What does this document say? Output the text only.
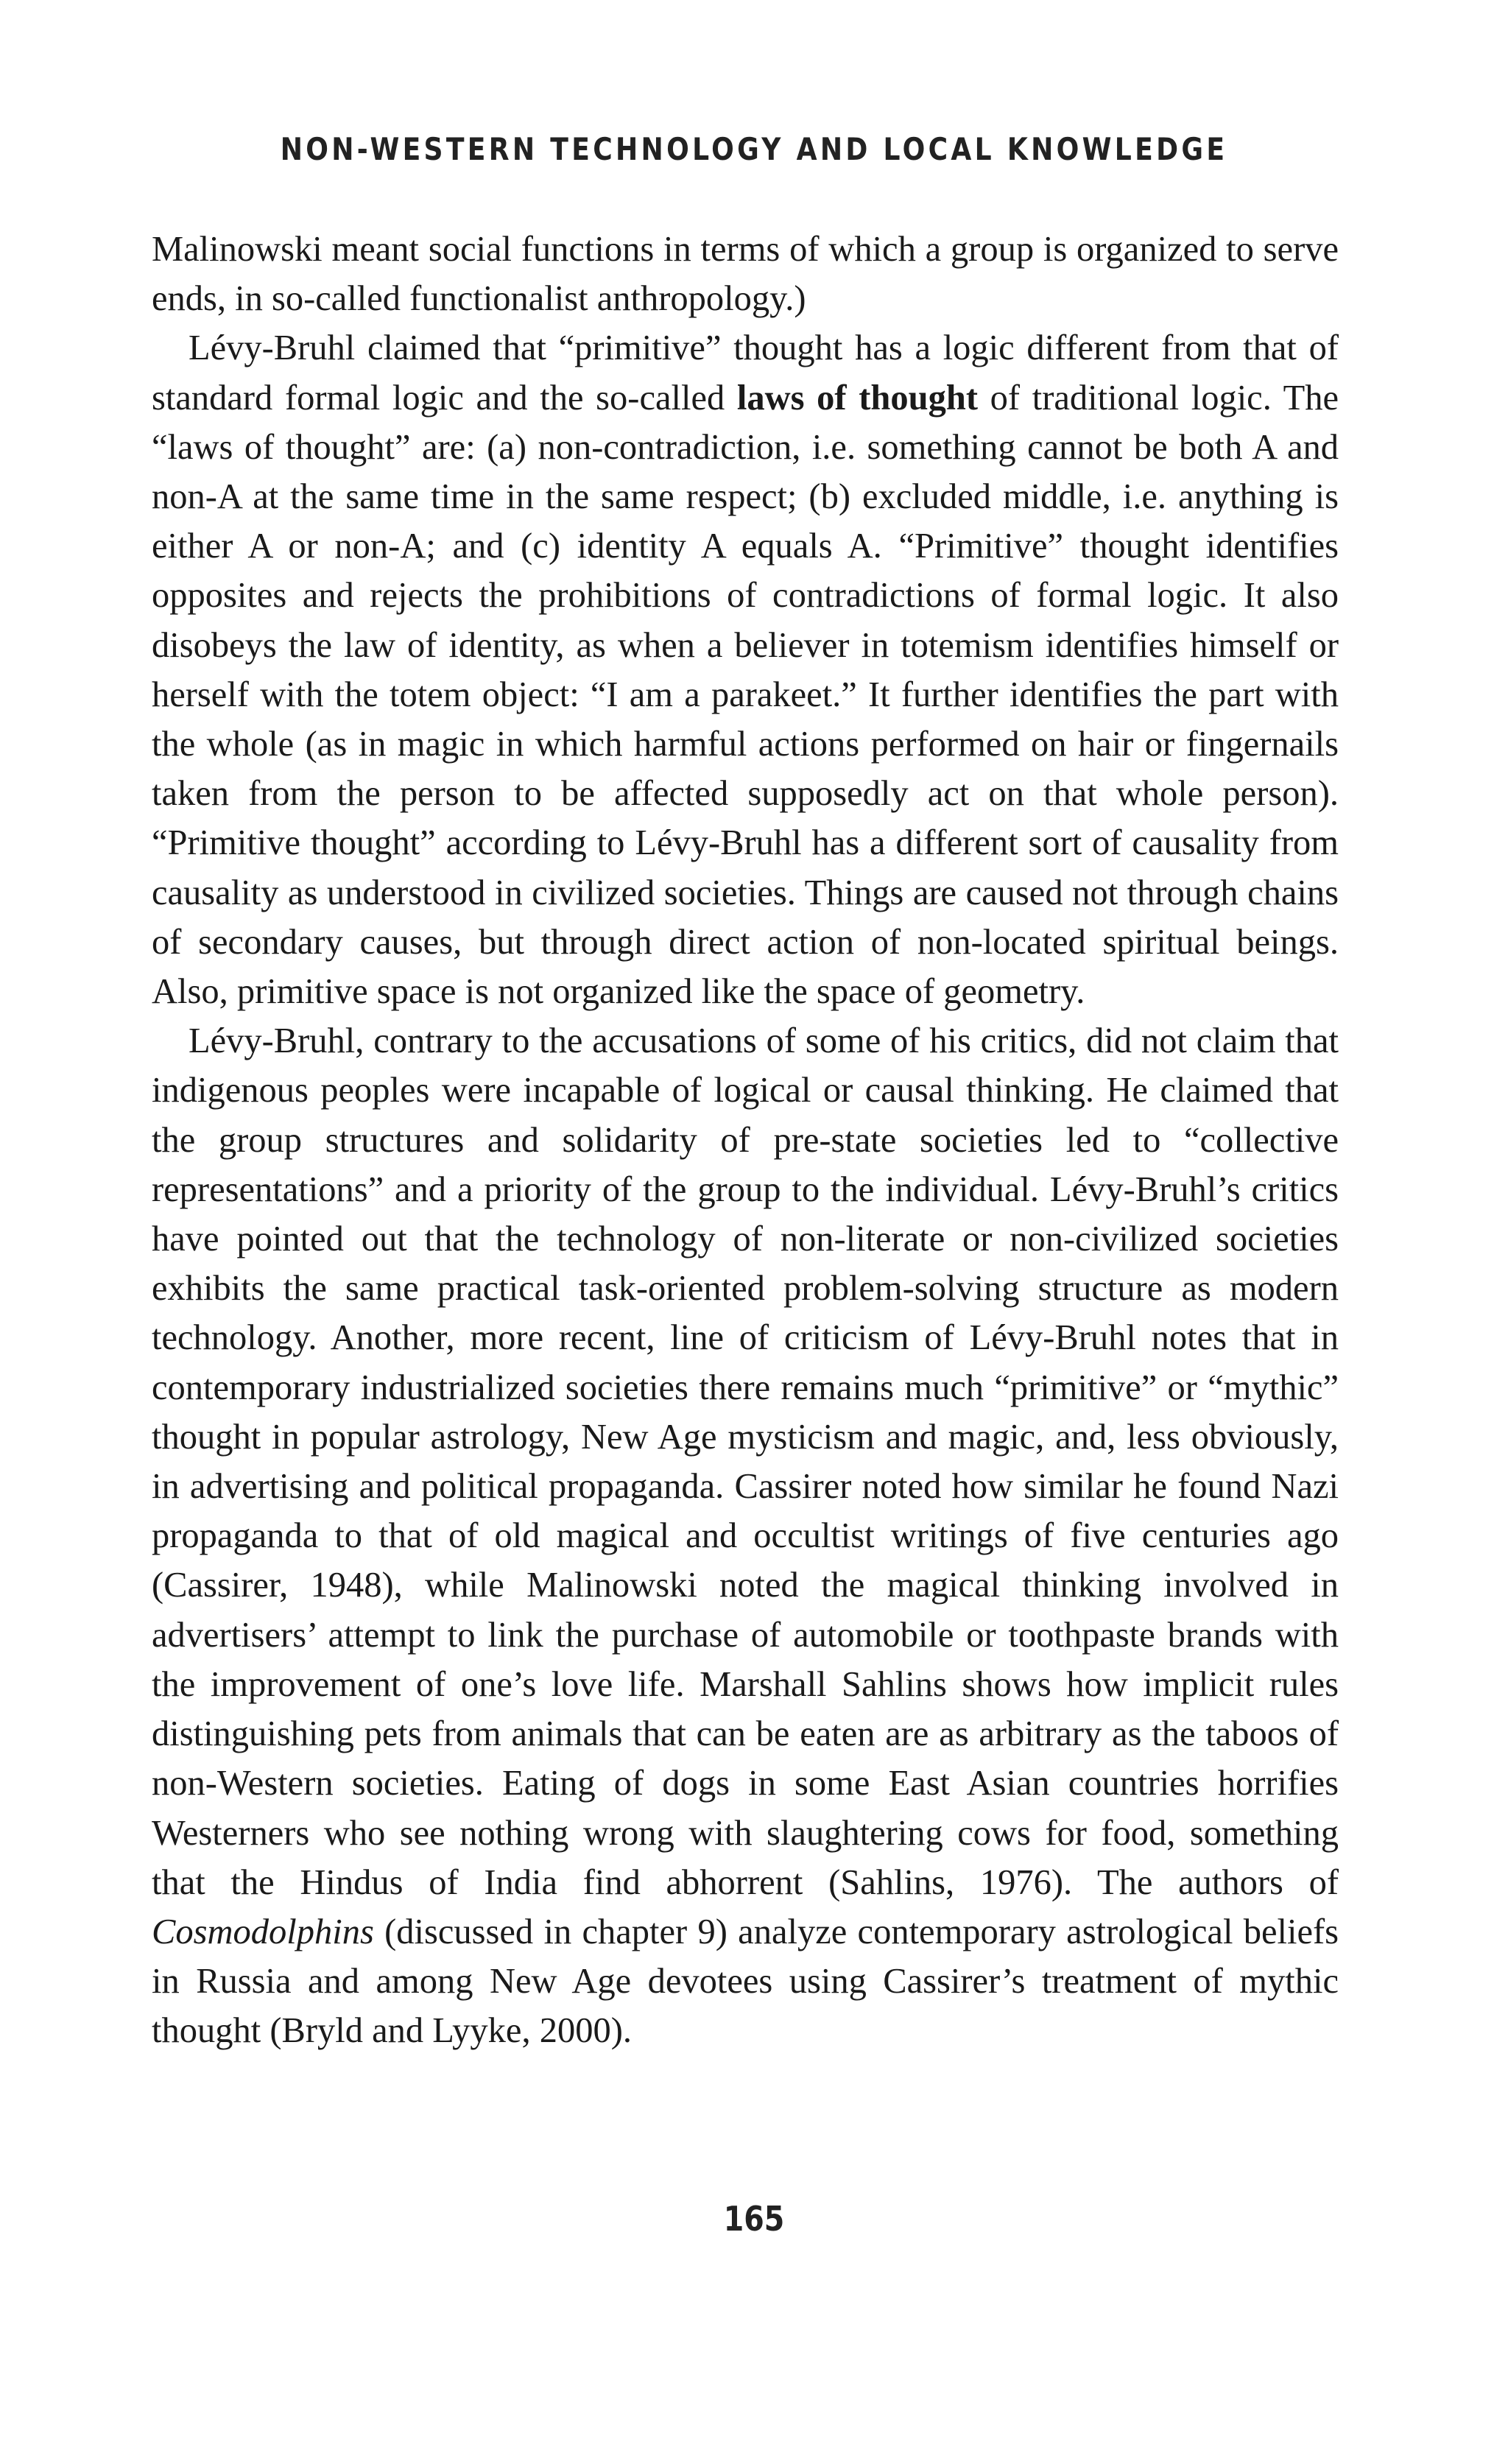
NON-WESTERN TECHNOLOGY AND LOCAL KNOWLEDGE

Malinowski meant social functions in terms of which a group is organized to serve ends, in so-called functionalist anthropology.)

Lévy-Bruhl claimed that “primitive” thought has a logic different from that of standard formal logic and the so-called laws of thought of traditional logic. The “laws of thought” are: (a) non-contradiction, i.e. something cannot be both A and non-A at the same time in the same respect; (b) excluded middle, i.e. anything is either A or non-A; and (c) identity A equals A. “Primitive” thought identifies opposites and rejects the prohibitions of contradictions of formal logic. It also disobeys the law of identity, as when a believer in totemism identifies himself or herself with the totem object: “I am a parakeet.” It further identifies the part with the whole (as in magic in which harmful actions performed on hair or fingernails taken from the person to be affected supposedly act on that whole person). “Primitive thought” according to Lévy-Bruhl has a different sort of causality from causality as understood in civilized societies. Things are caused not through chains of secondary causes, but through direct action of non-located spiritual beings. Also, primitive space is not organized like the space of geometry.

Lévy-Bruhl, contrary to the accusations of some of his critics, did not claim that indigenous peoples were incapable of logical or causal thinking. He claimed that the group structures and solidarity of pre-state societies led to “collective representations” and a priority of the group to the individual. Lévy-Bruhl’s critics have pointed out that the technology of non-literate or non-civilized societies exhibits the same practical task-oriented problem-solving structure as modern technology. Another, more recent, line of criticism of Lévy-Bruhl notes that in contemporary industrialized societies there remains much “primitive” or “mythic” thought in popular astrology, New Age mysticism and magic, and, less obviously, in advertising and political propaganda. Cassirer noted how similar he found Nazi propaganda to that of old magical and occultist writings of five centuries ago (Cassirer, 1948), while Malinowski noted the magical thinking involved in advertisers’ attempt to link the purchase of automobile or toothpaste brands with the improvement of one’s love life. Marshall Sahlins shows how implicit rules distinguishing pets from animals that can be eaten are as arbitrary as the taboos of non-Western societies. Eating of dogs in some East Asian countries horrifies Westerners who see nothing wrong with slaughtering cows for food, something that the Hindus of India find abhorrent (Sahlins, 1976). The authors of Cosmodolphins (discussed in chapter 9) analyze contemporary astrological beliefs in Russia and among New Age devotees using Cassirer’s treatment of mythic thought (Bryld and Lyyke, 2000).

165
